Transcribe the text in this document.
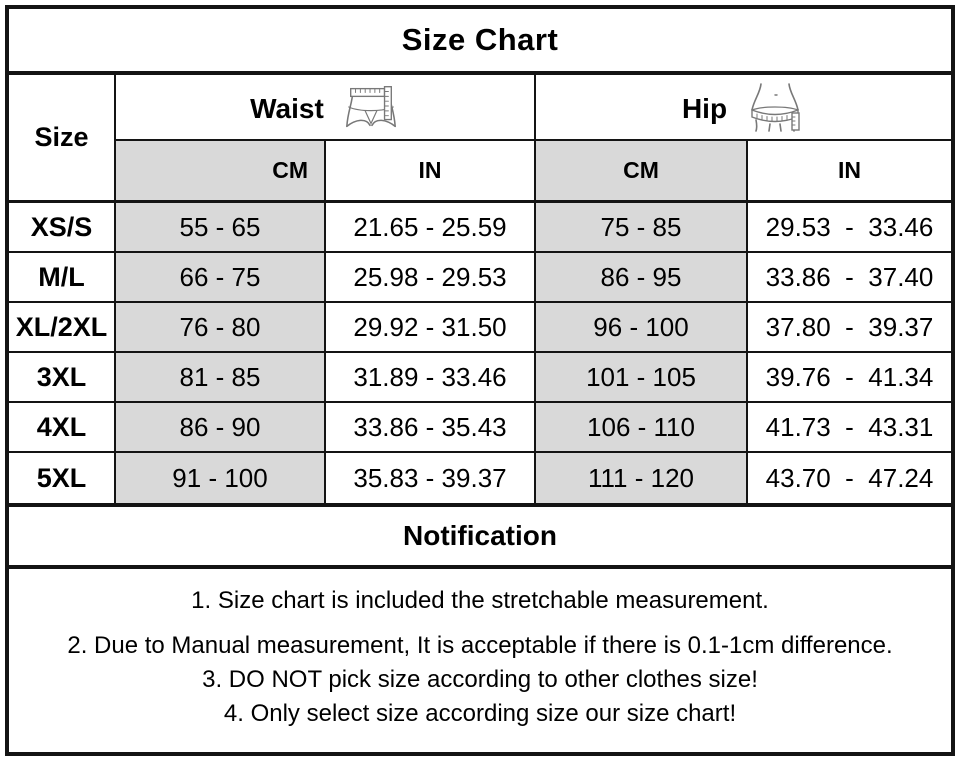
Size Chart
Size
Waist	Hip
CM	IN	CM	IN
XS/S	55 - 65	21.65 - 25.59	75 - 85	29.53  -  33.46
M/L	66 - 75	25.98 - 29.53	86 - 95	33.86  -  37.40
XL/2XL	76 - 80	29.92 - 31.50	96 - 100	37.80  -  39.37
3XL	81 - 85	31.89 - 33.46	101 - 105	39.76  -  41.34
4XL	86 - 90	33.86 - 35.43	106 - 110	41.73  -  43.31
5XL	91 - 100	35.83 - 39.37	111 - 120	43.70  -  47.24
Notification
1. Size chart is included the stretchable measurement.
2. Due to Manual measurement, It is acceptable if there is 0.1-1cm difference.
3. DO NOT pick size according to other clothes size!
4. Only select size according size our size chart!
